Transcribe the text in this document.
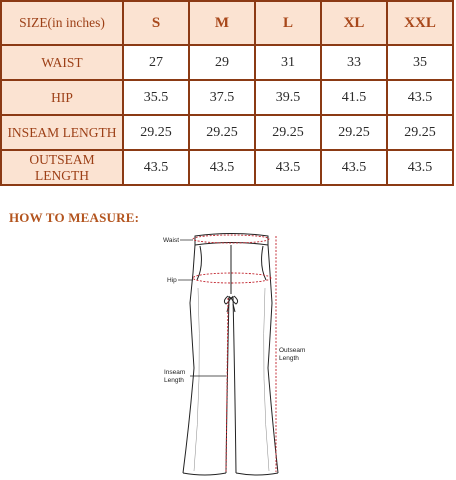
SIZE(in inches)	S	M	L	XL	XXL
WAIST	27	29	31	33	35
HIP	35.5	37.5	39.5	41.5	43.5
INSEAM LENGTH	29.25	29.25	29.25	29.25	29.25
OUTSEAM LENGTH	43.5	43.5	43.5	43.5	43.5
HOW TO MEASURE:
Waist
Hip
Inseam
Length
Outseam
Length
